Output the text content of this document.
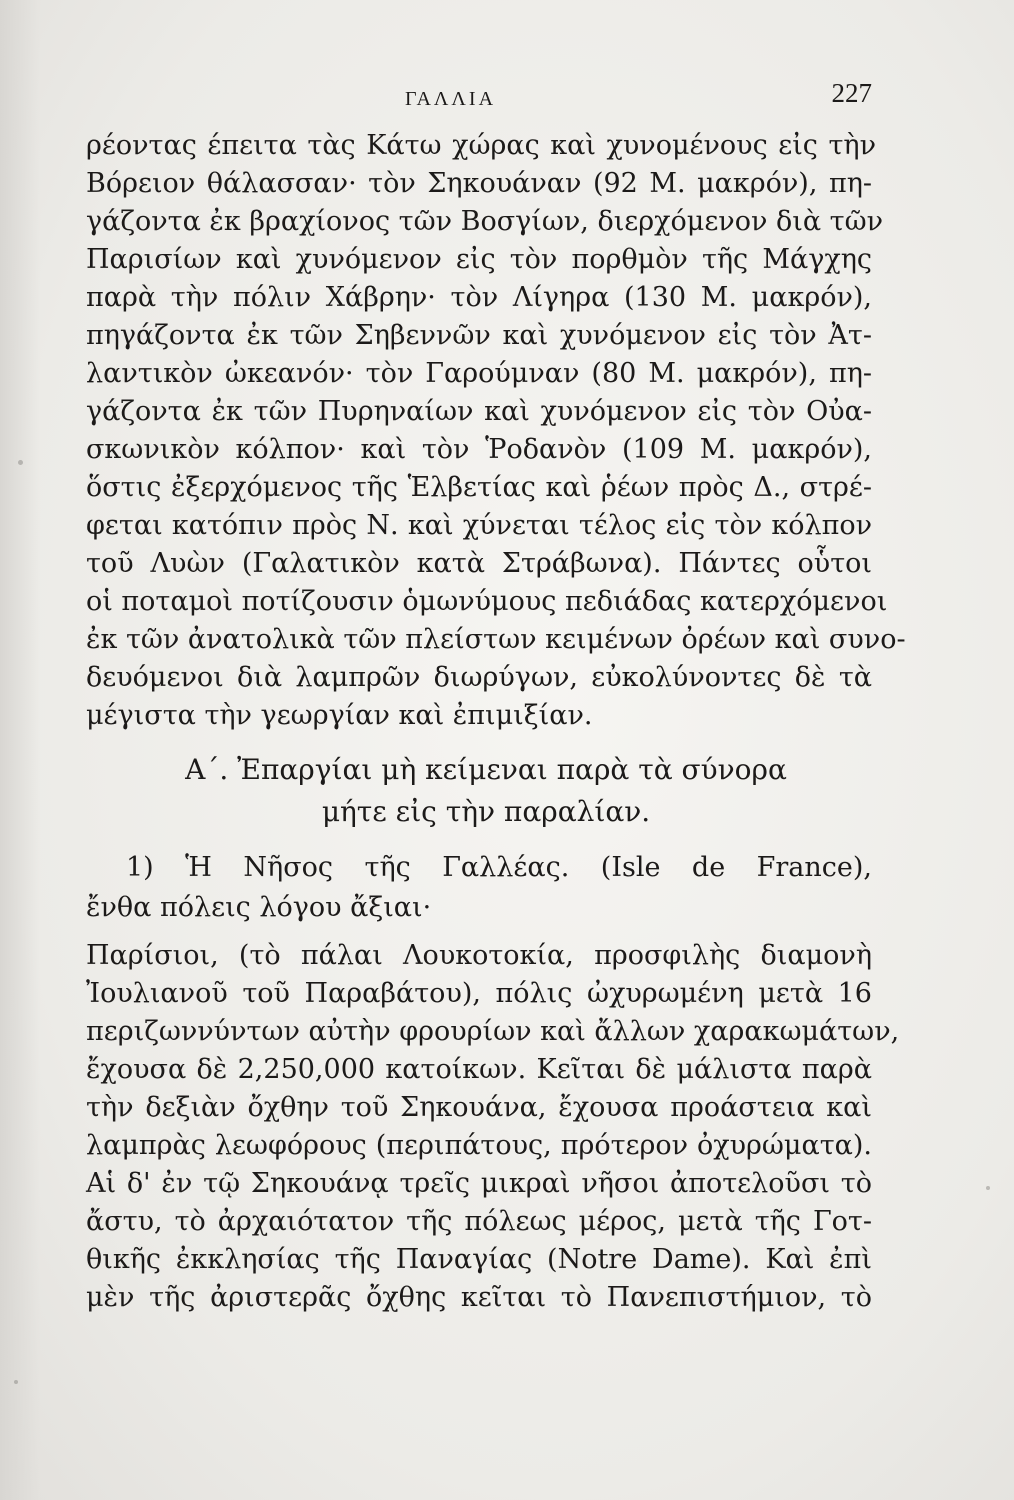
ΓΑΛΛΙΑ	227
ρέοντας έπειτα τὰς Κάτω χώρας καὶ χυνομένους εἰς τὴν
Βόρειον θάλασσαν· τὸν Σηκουάναν (92 Μ. μακρόν), πη-
γάζοντα ἐκ βραχίονος τῶν Βοσγίων, διερχόμενον διὰ τῶν
Παρισίων καὶ χυνόμενον εἰς τὸν πορθμὸν τῆς Μάγχης
παρὰ τὴν πόλιν Χάβρην· τὸν Λίγηρα (130 Μ. μακρόν),
πηγάζοντα ἐκ τῶν Σηβεννῶν καὶ χυνόμενον εἰς τὸν Ἀτ-
λαντικὸν ὠκεανόν· τὸν Γαρούμναν (80 Μ. μακρόν), πη-
γάζοντα ἐκ τῶν Πυρηναίων καὶ χυνόμενον εἰς τὸν Οὐα-
σκωνικὸν κόλπον· καὶ τὸν Ῥοδανὸν (109 Μ. μακρόν),
ὅστις ἐξερχόμενος τῆς Ἑλβετίας καὶ ῥέων πρὸς Δ., στρέ-
φεται κατόπιν πρὸς Ν. καὶ χύνεται τέλος εἰς τὸν κόλπον
τοῦ Λυὼν (Γαλατικὸν κατὰ Στράβωνα). Πάντες οὗτοι
οἱ ποταμοὶ ποτίζουσιν ὁμωνύμους πεδιάδας κατερχόμενοι
ἐκ τῶν ἀνατολικὰ τῶν πλείστων κειμένων ὀρέων καὶ συνο-
δευόμενοι διὰ λαμπρῶν διωρύγων, εὐκολύνοντες δὲ τὰ
μέγιστα τὴν γεωργίαν καὶ ἐπιμιξίαν.
Α΄. Ἐπαργίαι μὴ κείμεναι παρὰ τὰ σύνορα
μήτε εἰς τὴν παραλίαν.
1) Ἡ Νῆσος τῆς Γαλλέας. (Isle de France),
ἔνθα πόλεις λόγου ἄξιαι·
Παρίσιοι, (τὸ πάλαι Λουκοτοκία, προσφιλὴς διαμονὴ
Ἰουλιανοῦ τοῦ Παραβάτου), πόλις ὠχυρωμένη μετὰ 16
περιζωννύντων αὐτὴν φρουρίων καὶ ἄλλων χαρακωμάτων,
ἔχουσα δὲ 2,250,000 κατοίκων. Κεῖται δὲ μάλιστα παρὰ
τὴν δεξιὰν ὄχθην τοῦ Σηκουάνα, ἔχουσα προάστεια καὶ
λαμπρὰς λεωφόρους (περιπάτους, πρότερον ὀχυρώματα).
Αἱ δ' ἐν τῷ Σηκουάνᾳ τρεῖς μικραὶ νῆσοι ἀποτελοῦσι τὸ
ἄστυ, τὸ ἀρχαιότατον τῆς πόλεως μέρος, μετὰ τῆς Γοτ-
θικῆς ἐκκλησίας τῆς Παναγίας (Notre Dame). Καὶ ἐπὶ
μὲν τῆς ἀριστερᾶς ὄχθης κεῖται τὸ Πανεπιστήμιον, τὸ
